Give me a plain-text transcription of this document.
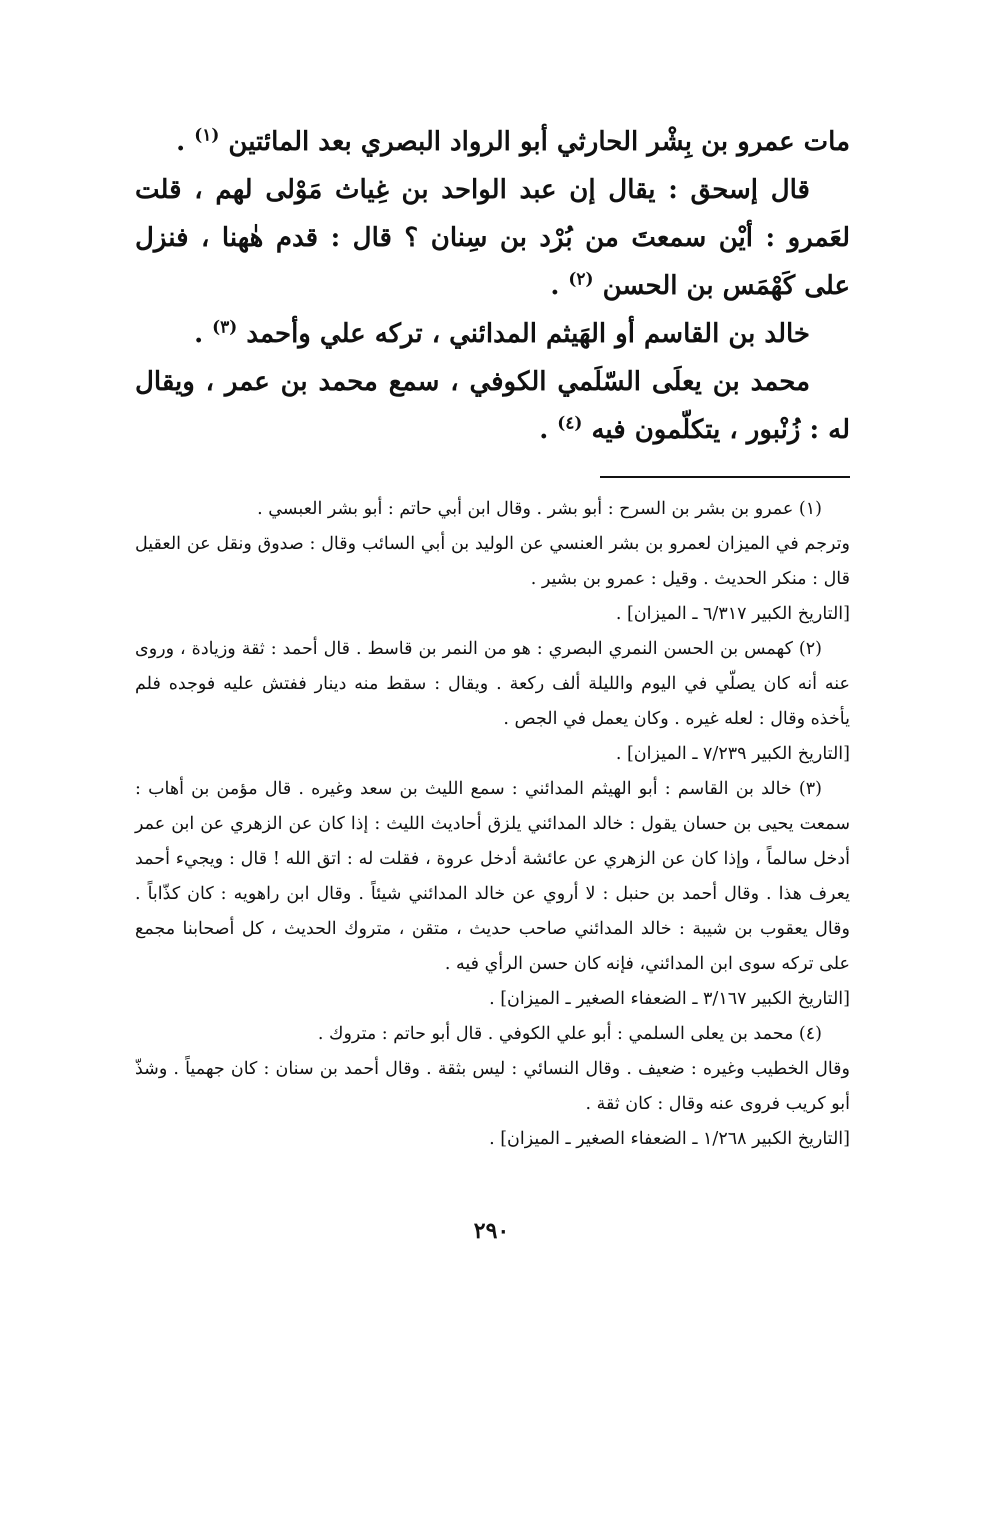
مات عمرو بن بِشْر الحارثي أبو الرواد البصري بعد المائتين $^{(١)}$ .

قال إسحق : يقال إن عبد الواحد بن غِياث مَوْلى لهم ، قلت لعَمرو : أيْن سمعتَ من بُرْد بن سِنان ؟ قال : قدم هٰهنا ، فنزل على كَهْمَس بن الحسن $^{(٢)}$ .

خالد بن القاسم أو الهَيثم المدائني ، تركه علي وأحمد $^{(٣)}$ .

محمد بن يعلَى السّلَمي الكوفي ، سمع محمد بن عمر ، ويقال له : زُنْبور ، يتكلّمون فيه $^{(٤)}$ .

(١) عمرو بن بشر بن السرح : أبو بشر . وقال ابن أبي حاتم : أبو بشر العبسي .

وترجم في الميزان لعمرو بن بشر العنسي عن الوليد بن أبي السائب وقال : صدوق ونقل عن العقيل قال : منكر الحديث . وقيل : عمرو بن بشير .

[التاريخ الكبير ٦/٣١٧ ـ الميزان] .

(٢) كهمس بن الحسن النمري البصري : هو من النمر بن قاسط . قال أحمد : ثقة وزيادة ، وروى عنه أنه كان يصلّي في اليوم والليلة ألف ركعة . ويقال : سقط منه دينار ففتش عليه فوجده فلم يأخذه وقال : لعله غيره . وكان يعمل في الجص .

[التاريخ الكبير ٧/٢٣٩ ـ الميزان] .

(٣) خالد بن القاسم : أبو الهيثم المدائني : سمع الليث بن سعد وغيره . قال مؤمن بن أهاب : سمعت يحيى بن حسان يقول : خالد المدائني يلزق أحاديث الليث : إذا كان عن الزهري عن ابن عمر أدخل سالماً ، وإذا كان عن الزهري عن عائشة أدخل عروة ، فقلت له : اتق الله ! قال : ويجيء أحمد يعرف هذا . وقال أحمد بن حنبل : لا أروي عن خالد المدائني شيئاً . وقال ابن راهويه : كان كذّاباً . وقال يعقوب بن شيبة : خالد المدائني صاحب حديث ، متقن ، متروك الحديث ، كل أصحابنا مجمع على تركه سوى ابن المدائني، فإنه كان حسن الرأي فيه .

[التاريخ الكبير ٣/١٦٧ ـ الضعفاء الصغير ـ الميزان] .

(٤) محمد بن يعلى السلمي : أبو علي الكوفي . قال أبو حاتم : متروك .

وقال الخطيب وغيره : ضعيف . وقال النسائي : ليس بثقة . وقال أحمد بن سنان : كان جهمياً . وشذّ أبو كريب فروى عنه وقال : كان ثقة .

[التاريخ الكبير ١/٢٦٨ ـ الضعفاء الصغير ـ الميزان] .

٢٩٠
